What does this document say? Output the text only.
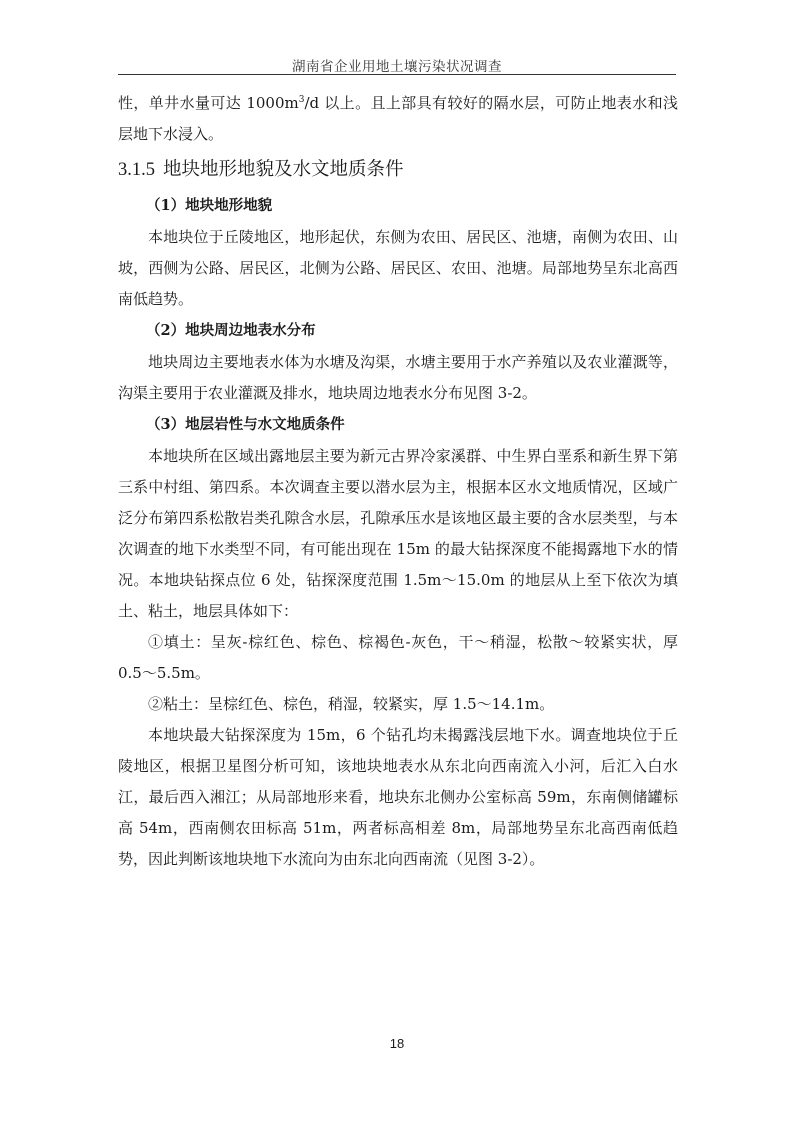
湖南省企业用地土壤污染状况调查

性，单井水量可达 $1000m^3/d$ 以上。且上部具有较好的隔水层，可防止地表水和浅层地下水浸入。

3.1.5 地块地形地貌及水文地质条件
（1）地块地形地貌

本地块位于丘陵地区，地形起伏，东侧为农田、居民区、池塘，南侧为农田、山坡，西侧为公路、居民区，北侧为公路、居民区、农田、池塘。局部地势呈东北高西南低趋势。

（2）地块周边地表水分布

地块周边主要地表水体为水塘及沟渠，水塘主要用于水产养殖以及农业灌溉等，沟渠主要用于农业灌溉及排水，地块周边地表水分布见图 3-2。

（3）地层岩性与水文地质条件

本地块所在区域出露地层主要为新元古界冷家溪群、中生界白垩系和新生界下第三系中村组、第四系。本次调查主要以潜水层为主，根据本区水文地质情况，区域广泛分布第四系松散岩类孔隙含水层，孔隙承压水是该地区最主要的含水层类型，与本次调查的地下水类型不同，有可能出现在 15m 的最大钻探深度不能揭露地下水的情况。本地块钻探点位 6 处，钻探深度范围 1.5m～15.0m 的地层从上至下依次为填土、粘土，地层具体如下：

①填土：呈灰-棕红色、棕色、棕褐色-灰色，干～稍湿，松散～较紧实状，厚 0.5～5.5m。

②粘土：呈棕红色、棕色，稍湿，较紧实，厚 1.5～14.1m。

本地块最大钻探深度为 15m，6 个钻孔均未揭露浅层地下水。调查地块位于丘陵地区，根据卫星图分析可知，该地块地表水从东北向西南流入小河，后汇入白水江，最后西入湘江；从局部地形来看，地块东北侧办公室标高 59m，东南侧储罐标高 54m，西南侧农田标高 51m，两者标高相差 8m，局部地势呈东北高西南低趋势，因此判断该地块地下水流向为由东北向西南流（见图 3-2）。

18
